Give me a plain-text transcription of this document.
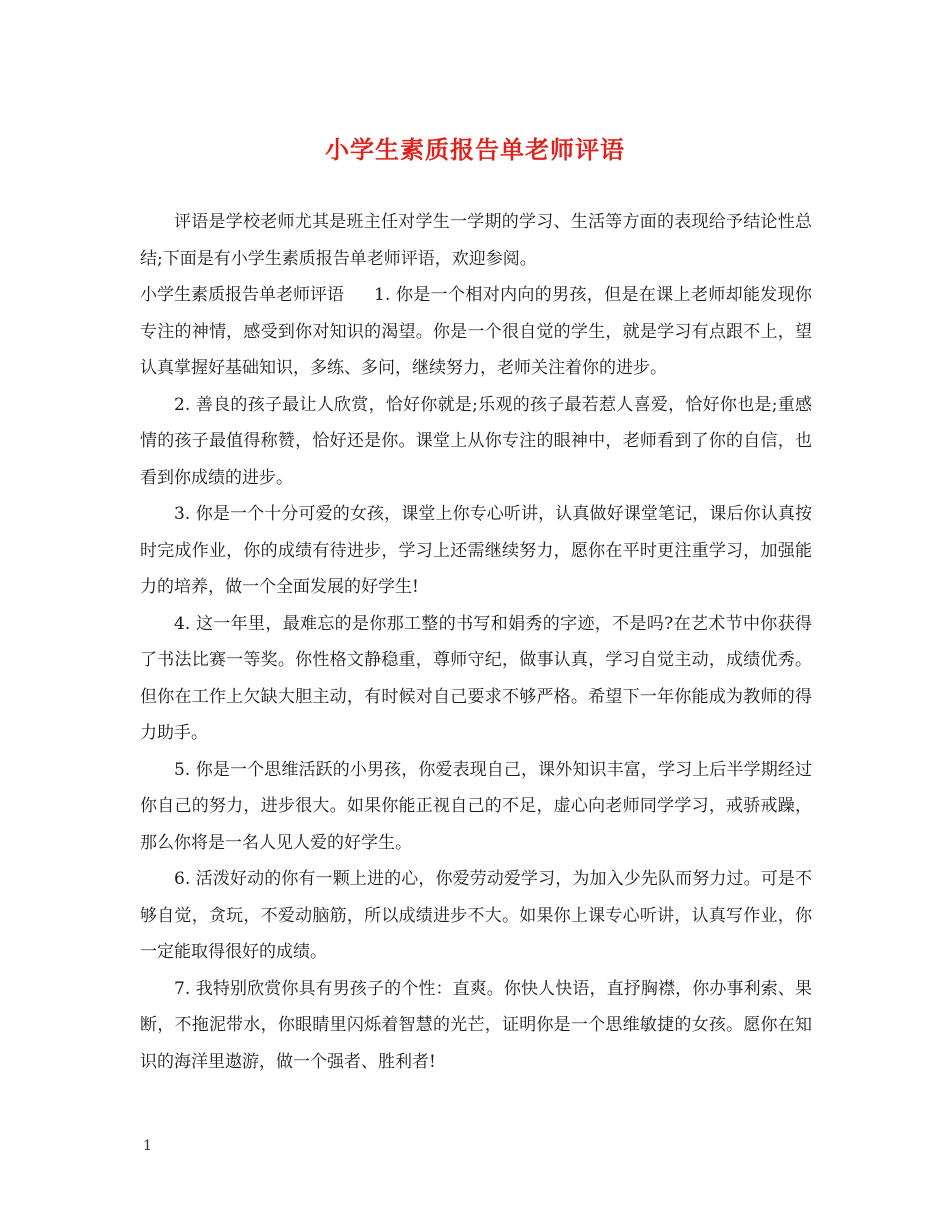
小学生素质报告单老师评语

评语是学校老师尤其是班主任对学生一学期的学习、生活等方面的表现给予结论性总结;下面是有小学生素质报告单老师评语，欢迎参阅。

小学生素质报告单老师评语 1. 你是一个相对内向的男孩，但是在课上老师却能发现你专注的神情，感受到你对知识的渴望。你是一个很自觉的学生，就是学习有点跟不上，望认真掌握好基础知识，多练、多问，继续努力，老师关注着你的进步。

2. 善良的孩子最让人欣赏，恰好你就是;乐观的孩子最若惹人喜爱，恰好你也是;重感情的孩子最值得称赞，恰好还是你。课堂上从你专注的眼神中，老师看到了你的自信，也看到你成绩的进步。

3. 你是一个十分可爱的女孩，课堂上你专心听讲，认真做好课堂笔记，课后你认真按时完成作业，你的成绩有待进步，学习上还需继续努力，愿你在平时更注重学习，加强能力的培养，做一个全面发展的好学生!

4. 这一年里，最难忘的是你那工整的书写和娟秀的字迹，不是吗?在艺术节中你获得了书法比赛一等奖。你性格文静稳重，尊师守纪，做事认真，学习自觉主动，成绩优秀。但你在工作上欠缺大胆主动，有时候对自己要求不够严格。希望下一年你能成为教师的得力助手。

5. 你是一个思维活跃的小男孩，你爱表现自己，课外知识丰富，学习上后半学期经过你自己的努力，进步很大。如果你能正视自己的不足，虚心向老师同学学习，戒骄戒躁，那么你将是一名人见人爱的好学生。

6. 活泼好动的你有一颗上进的心，你爱劳动爱学习，为加入少先队而努力过。可是不够自觉，贪玩，不爱动脑筋，所以成绩进步不大。如果你上课专心听讲，认真写作业，你一定能取得很好的成绩。

7. 我特别欣赏你具有男孩子的个性：直爽。你快人快语，直抒胸襟，你办事利索、果断，不拖泥带水，你眼睛里闪烁着智慧的光芒，证明你是一个思维敏捷的女孩。愿你在知识的海洋里遨游，做一个强者、胜利者!

1
